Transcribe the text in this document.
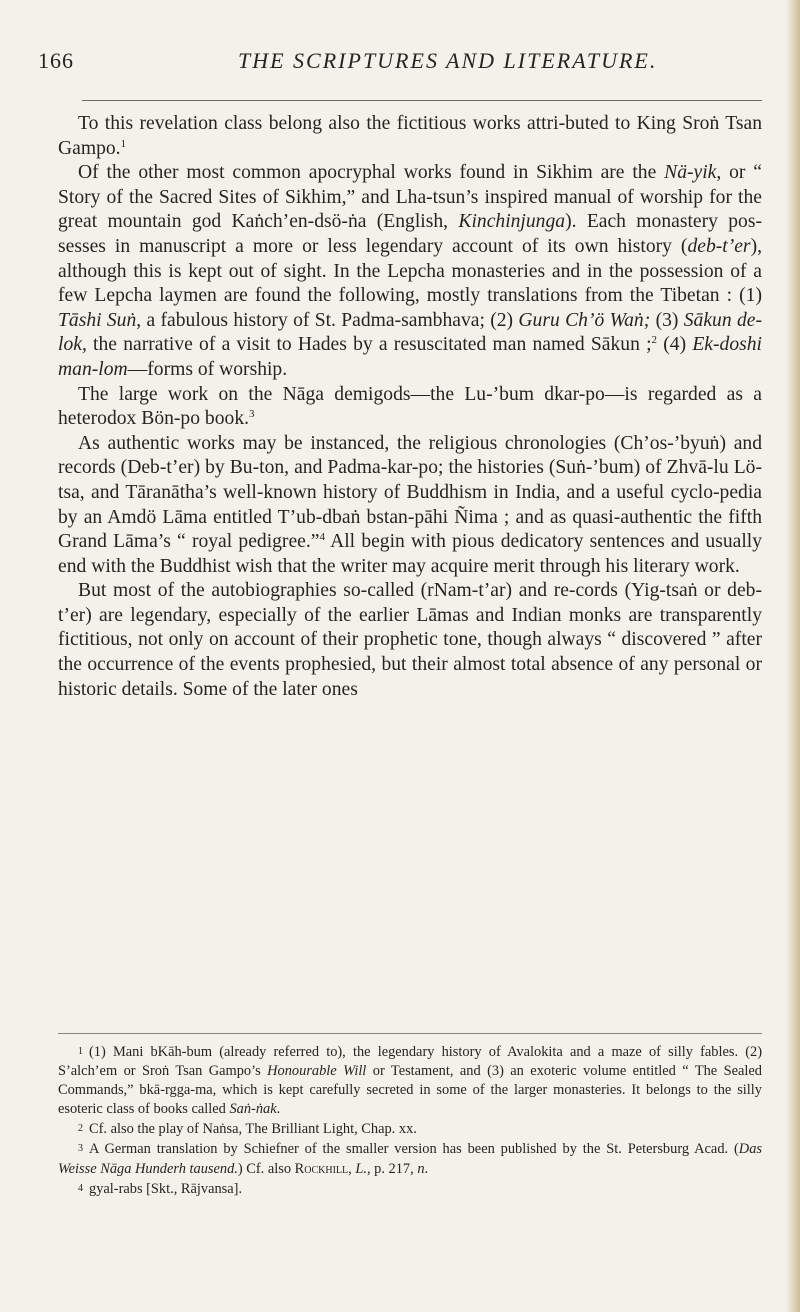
166	THE SCRIPTURES AND LITERATURE.

To this revelation class belong also the fictitious works attri-buted to King Sroṅ Tsan Gampo.$^1$

Of the other most common apocryphal works found in Sikhim are the Nä-yik, or “ Story of the Sacred Sites of Sikhim,” and Lha-tsun’s inspired manual of worship for the great mountain god Kaṅch’en-dsö-ṅa (English, Kinchinjunga). Each monastery pos-sesses in manuscript a more or less legendary account of its own history (deb-t’er), although this is kept out of sight. In the Lepcha monasteries and in the possession of a few Lepcha laymen are found the following, mostly translations from the Tibetan : (1) Tāshi Suṅ, a fabulous history of St. Padma-sambhava; (2) Guru Ch’ö Waṅ; (3) Sākun de-lok, the narrative of a visit to Hades by a resuscitated man named Sākun ;$^2$ (4) Ek-doshi man-lom—forms of worship.

The large work on the Nāga demigods—the Lu-’bum dkar-po—is regarded as a heterodox Bön-po book.$^3$

As authentic works may be instanced, the religious chronologies (Ch’os-’byuṅ) and records (Deb-t’er) by Bu-ton, and Padma-kar-po; the histories (Suṅ-’bum) of Zhvā-lu Lö-tsa, and Tāranātha’s well-known history of Buddhism in India, and a useful cyclo-pedia by an Amdö Lāma entitled T’ub-dbaṅ bstan-pāhi Ñima ; and as quasi-authentic the fifth Grand Lāma’s “ royal pedigree.”$^4$ All begin with pious dedicatory sentences and usually end with the Buddhist wish that the writer may acquire merit through his literary work.

But most of the autobiographies so-called (rNam-t’ar) and re-cords (Yig-tsaṅ or deb-t’er) are legendary, especially of the earlier Lāmas and Indian monks are transparently fictitious, not only on account of their prophetic tone, though always “ discovered ” after the occurrence of the events prophesied, but their almost total absence of any personal or historic details. Some of the later ones

1 (1) Mani bKāh-bum (already referred to), the legendary history of Avalokita and a maze of silly fables. (2) S’alch’em or Sroṅ Tsan Gampo’s Honourable Will or Testament, and (3) an exoteric volume entitled “ The Sealed Commands,” bkā-rgga-ma, which is kept carefully secreted in some of the larger monasteries. It belongs to the silly esoteric class of books called Saṅ-ṅak.

2 Cf. also the play of Naṅsa, The Brilliant Light, Chap. xx.

3 A German translation by Schiefner of the smaller version has been published by the St. Petersburg Acad. (Das Weisse Nāga Hunderh tausend.) Cf. also Rockhill, L., p. 217, n.

4 gyal-rabs [Skt., Rājvansa].
